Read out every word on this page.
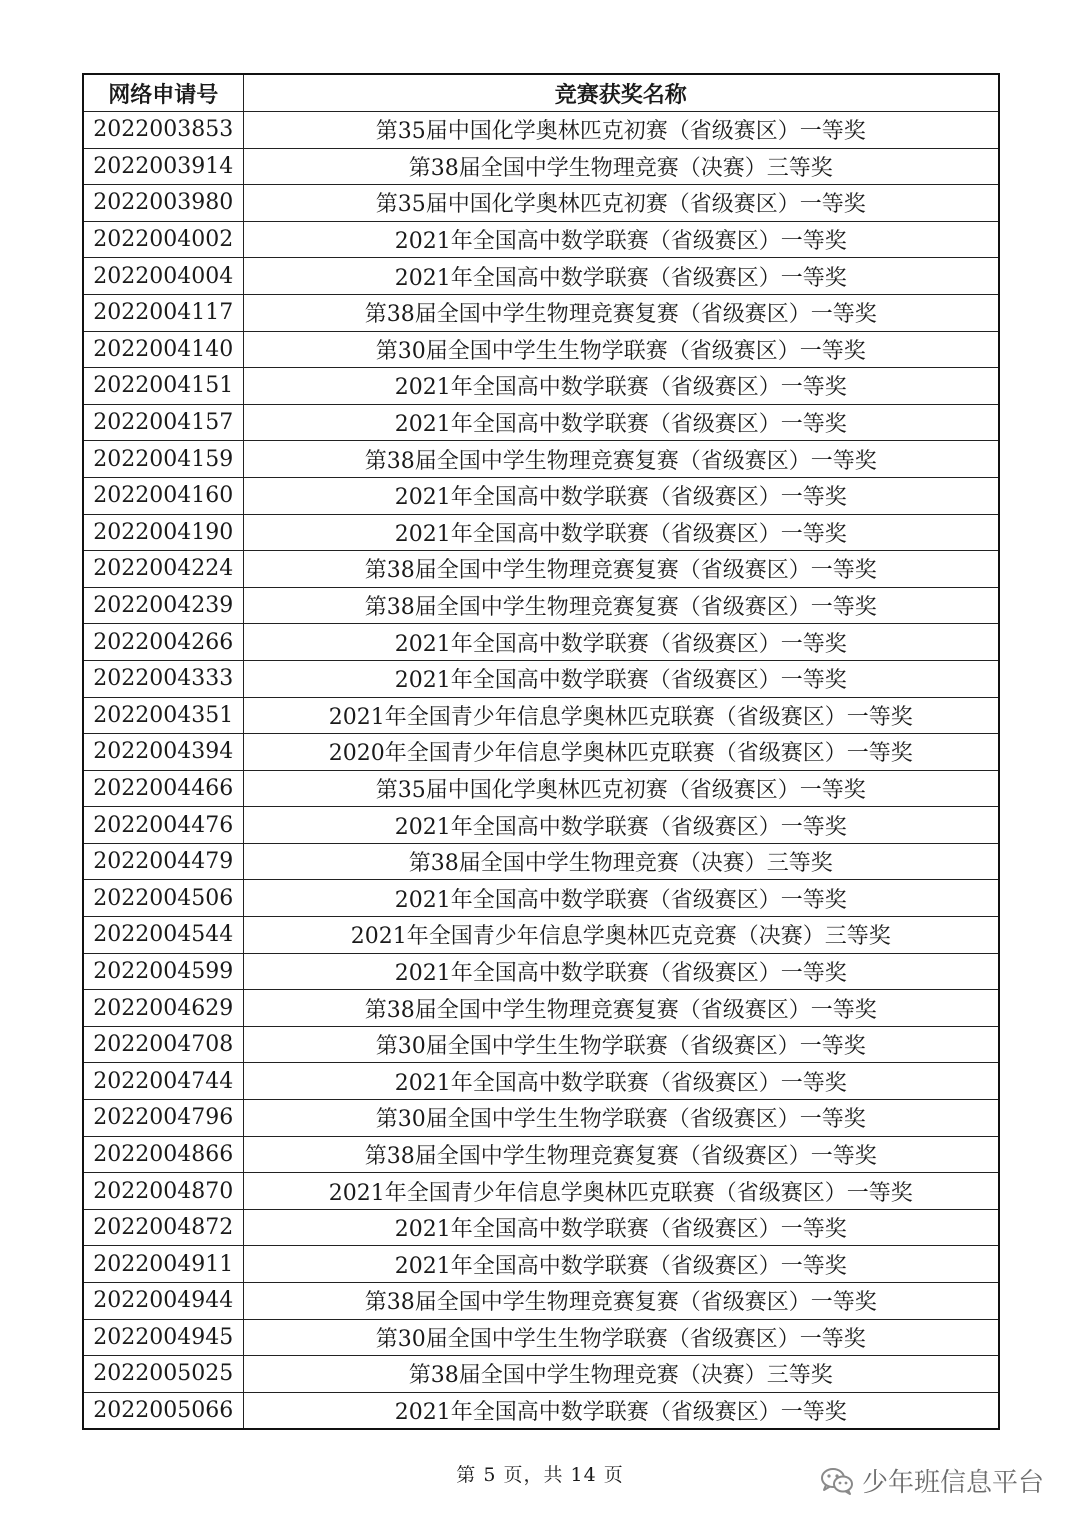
网络申请号	竞赛获奖名称
2022003853	第35届中国化学奥林匹克初赛（省级赛区）一等奖
2022003914	第38届全国中学生物理竞赛（决赛）三等奖
2022003980	第35届中国化学奥林匹克初赛（省级赛区）一等奖
2022004002	2021年全国高中数学联赛（省级赛区）一等奖
2022004004	2021年全国高中数学联赛（省级赛区）一等奖
2022004117	第38届全国中学生物理竞赛复赛（省级赛区）一等奖
2022004140	第30届全国中学生生物学联赛（省级赛区）一等奖
2022004151	2021年全国高中数学联赛（省级赛区）一等奖
2022004157	2021年全国高中数学联赛（省级赛区）一等奖
2022004159	第38届全国中学生物理竞赛复赛（省级赛区）一等奖
2022004160	2021年全国高中数学联赛（省级赛区）一等奖
2022004190	2021年全国高中数学联赛（省级赛区）一等奖
2022004224	第38届全国中学生物理竞赛复赛（省级赛区）一等奖
2022004239	第38届全国中学生物理竞赛复赛（省级赛区）一等奖
2022004266	2021年全国高中数学联赛（省级赛区）一等奖
2022004333	2021年全国高中数学联赛（省级赛区）一等奖
2022004351	2021年全国青少年信息学奥林匹克联赛（省级赛区）一等奖
2022004394	2020年全国青少年信息学奥林匹克联赛（省级赛区）一等奖
2022004466	第35届中国化学奥林匹克初赛（省级赛区）一等奖
2022004476	2021年全国高中数学联赛（省级赛区）一等奖
2022004479	第38届全国中学生物理竞赛（决赛）三等奖
2022004506	2021年全国高中数学联赛（省级赛区）一等奖
2022004544	2021年全国青少年信息学奥林匹克竞赛（决赛）三等奖
2022004599	2021年全国高中数学联赛（省级赛区）一等奖
2022004629	第38届全国中学生物理竞赛复赛（省级赛区）一等奖
2022004708	第30届全国中学生生物学联赛（省级赛区）一等奖
2022004744	2021年全国高中数学联赛（省级赛区）一等奖
2022004796	第30届全国中学生生物学联赛（省级赛区）一等奖
2022004866	第38届全国中学生物理竞赛复赛（省级赛区）一等奖
2022004870	2021年全国青少年信息学奥林匹克联赛（省级赛区）一等奖
2022004872	2021年全国高中数学联赛（省级赛区）一等奖
2022004911	2021年全国高中数学联赛（省级赛区）一等奖
2022004944	第38届全国中学生物理竞赛复赛（省级赛区）一等奖
2022004945	第30届全国中学生生物学联赛（省级赛区）一等奖
2022005025	第38届全国中学生物理竞赛（决赛）三等奖
2022005066	2021年全国高中数学联赛（省级赛区）一等奖
第 5 页，共 14 页	少年班信息平台
